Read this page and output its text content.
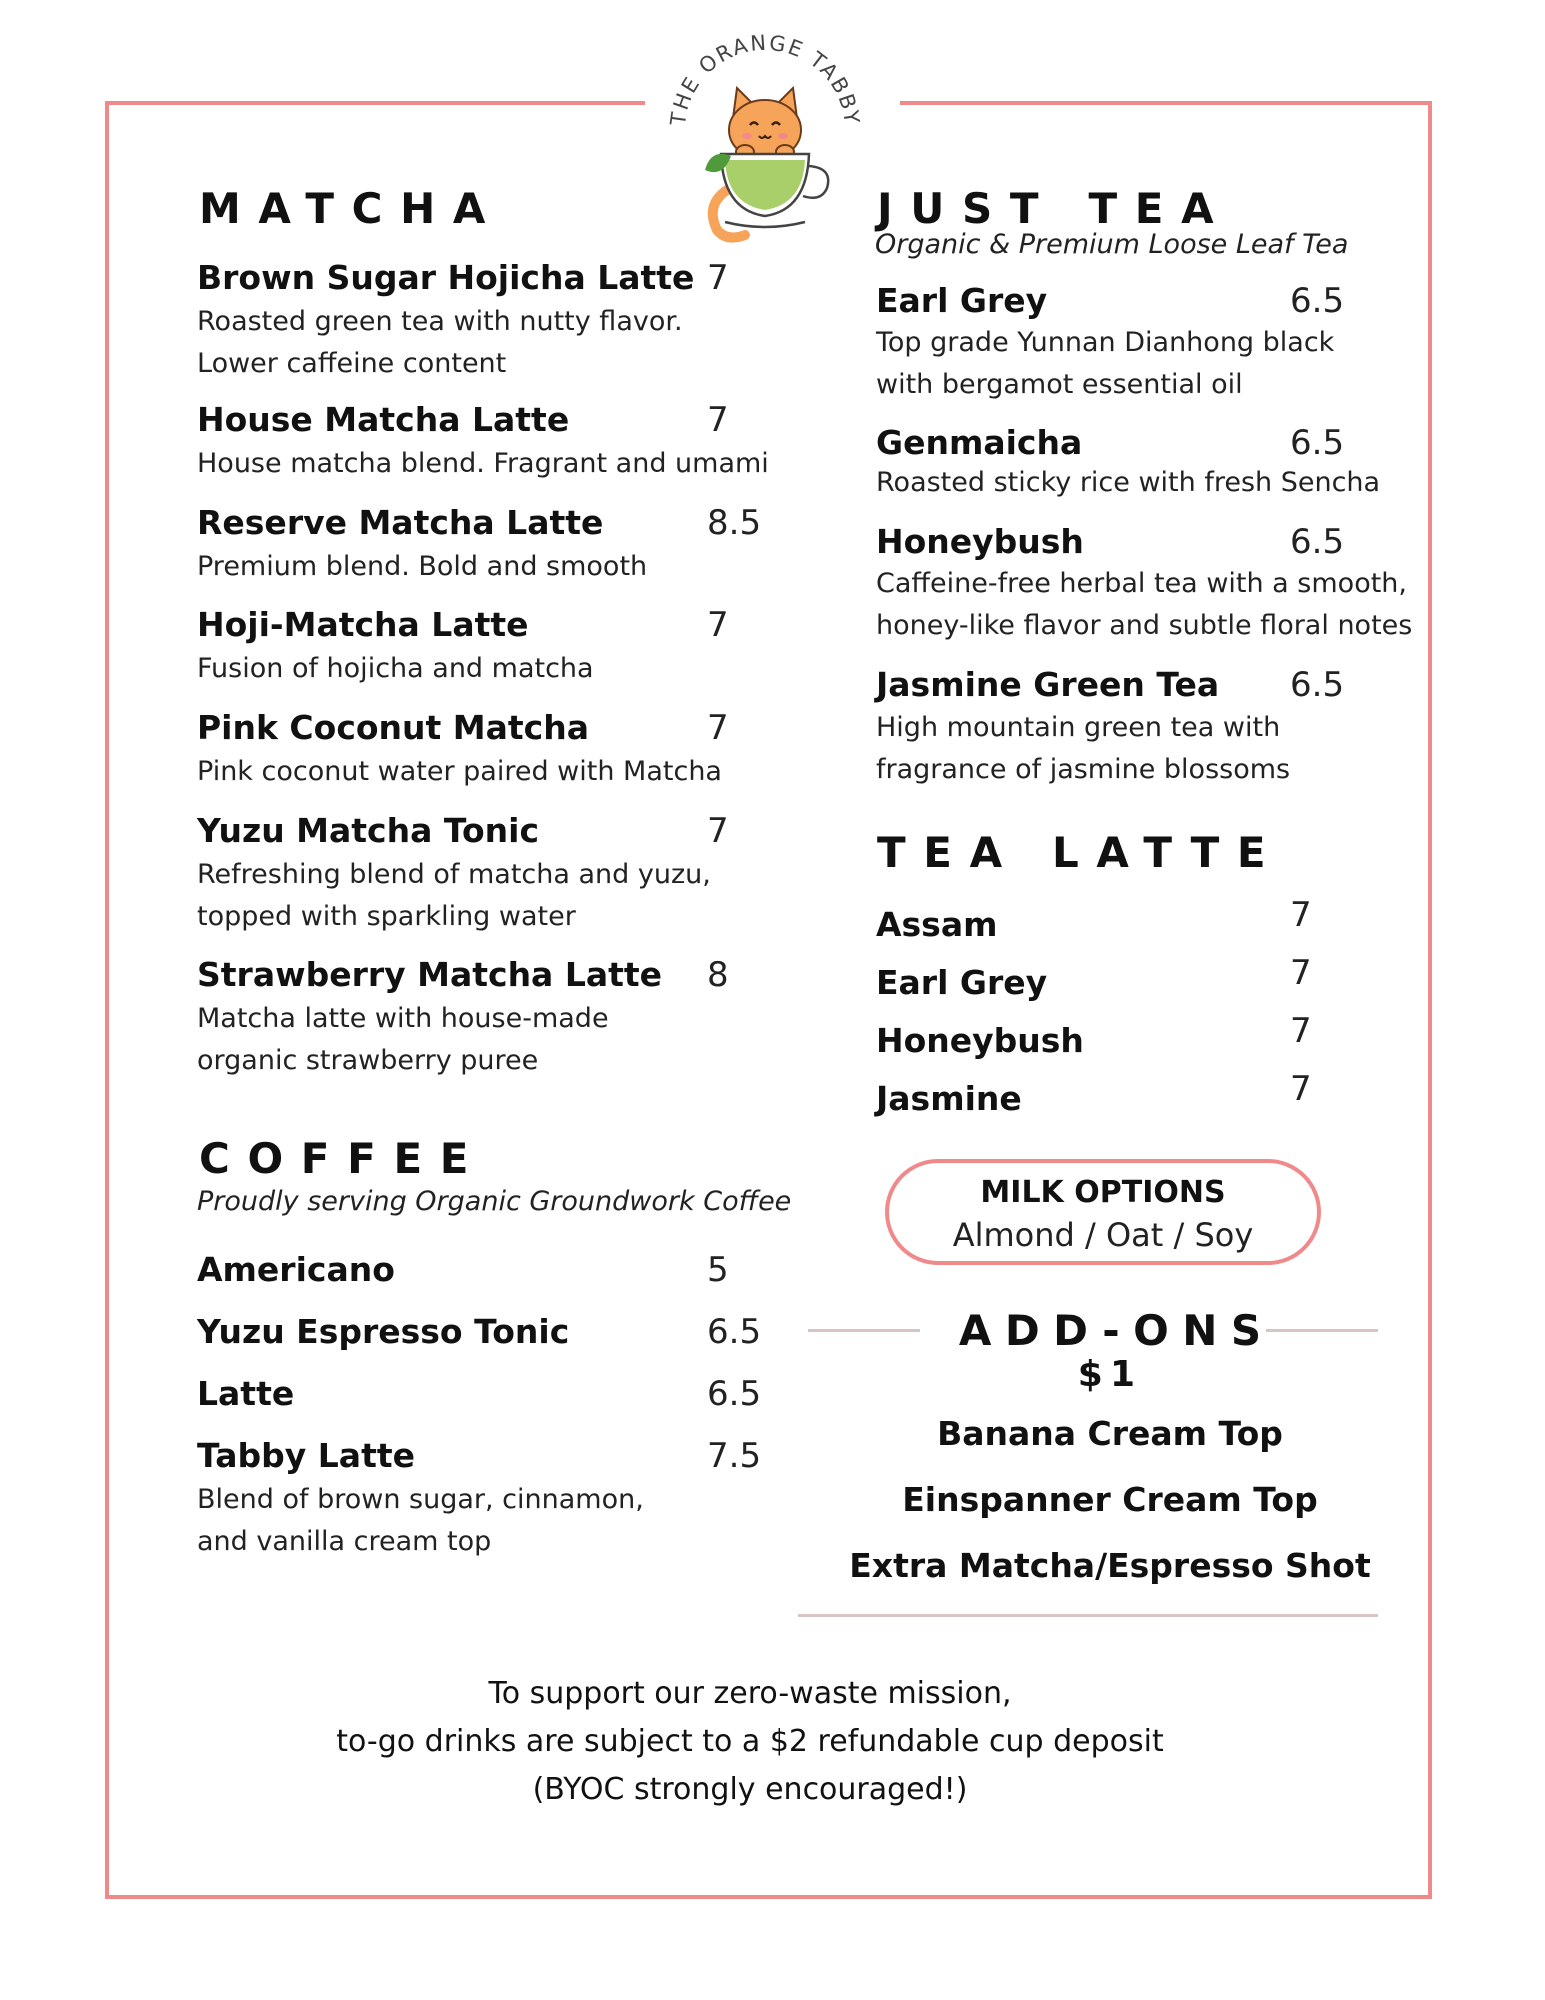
THE ORANGE TABBY
MATCHA
Brown Sugar Hojicha Latte 7
Roasted green tea with nutty flavor.
Lower caffeine content
House Matcha Latte	7
House matcha blend. Fragrant and umami
Reserve Matcha Latte	8.5
Premium blend. Bold and smooth
Hoji-Matcha Latte	7
Fusion of hojicha and matcha
Pink Coconut Matcha	7
Pink coconut water paired with Matcha
Yuzu Matcha Tonic	7
Refreshing blend of matcha and yuzu,
topped with sparkling water
Strawberry Matcha Latte 8
Matcha latte with house-made
organic strawberry puree
COFFEE
Proudly serving Organic Groundwork Coffee
Americano	5
Yuzu Espresso Tonic	6.5
Latte	6.5
Tabby Latte	7.5
Blend of brown sugar, cinnamon,
and vanilla cream top
JUST TEA
Organic & Premium Loose Leaf Tea
Earl Grey	6.5
Top grade Yunnan Dianhong black
with bergamot essential oil
Genmaicha	6.5
Roasted sticky rice with fresh Sencha
Honeybush	6.5
Caffeine-free herbal tea with a smooth,
honey-like flavor and subtle floral notes
Jasmine Green Tea 6.5
High mountain green tea with
fragrance of jasmine blossoms
TEA LATTE
Assam	7
Earl Grey	7
Honeybush	7
Jasmine	7
MILK OPTIONS
Almond / Oat / Soy
ADD-ONS
$1
Banana Cream Top
Einspanner Cream Top
Extra Matcha/Espresso Shot
To support our zero-waste mission,
to-go drinks are subject to a $2 refundable cup deposit
(BYOC strongly encouraged!)
